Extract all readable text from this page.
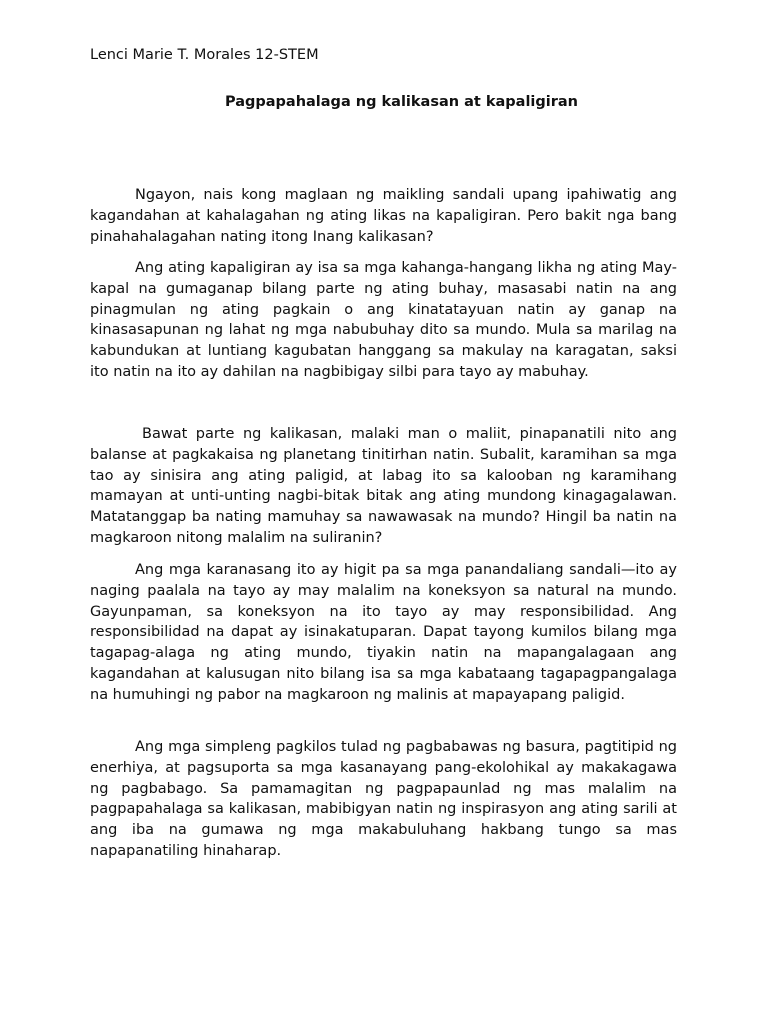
Lenci Marie T. Morales 12-STEM
Pagpapahalaga ng kalikasan at kapaligiran

Ngayon, nais kong maglaan ng maikling sandali upang ipahiwatig ang kagandahan at kahalagahan ng ating likas na kapaligiran. Pero bakit nga bang pinahahalagahan nating itong Inang kalikasan?

Ang ating kapaligiran ay isa sa mga kahanga-hangang likha ng ating May-kapal na gumaganap bilang parte ng ating buhay, masasabi natin na ang pinagmulan ng ating pagkain o ang kinatatayuan natin ay ganap na kinasasapunan ng lahat ng mga nabubuhay dito sa mundo. Mula sa marilag na kabundukan at luntiang kagubatan hanggang sa makulay na karagatan, saksi ito natin na ito ay dahilan na nagbibigay silbi para tayo ay mabuhay.

Bawat parte ng kalikasan, malaki man o maliit, pinapanatili nito ang balanse at pagkakaisa ng planetang tinitirhan natin. Subalit, karamihan sa mga tao ay sinisira ang ating paligid, at labag ito sa kalooban ng karamihang mamayan at unti-unting nagbi-bitak bitak ang ating mundong kinagagalawan. Matatanggap ba nating mamuhay sa nawawasak na mundo? Hingil ba natin na magkaroon nitong malalim na suliranin?

Ang mga karanasang ito ay higit pa sa mga panandaliang sandali—ito ay naging paalala na tayo ay may malalim na koneksyon sa natural na mundo. Gayunpaman, sa koneksyon na ito tayo ay may responsibilidad. Ang responsibilidad na dapat ay isinakatuparan. Dapat tayong kumilos bilang mga tagapag-alaga ng ating mundo, tiyakin natin na mapangalagaan ang kagandahan at kalusugan nito bilang isa sa mga kabataang tagapagpangalaga na humuhingi ng pabor na magkaroon ng malinis at mapayapang paligid.

Ang mga simpleng pagkilos tulad ng pagbabawas ng basura, pagtitipid ng enerhiya, at pagsuporta sa mga kasanayang pang-ekolohikal ay makakagawa ng pagbabago. Sa pamamagitan ng pagpapaunlad ng mas malalim na pagpapahalaga sa kalikasan, mabibigyan natin ng inspirasyon ang ating sarili at ang iba na gumawa ng mga makabuluhang hakbang tungo sa mas napapanatiling hinaharap.
